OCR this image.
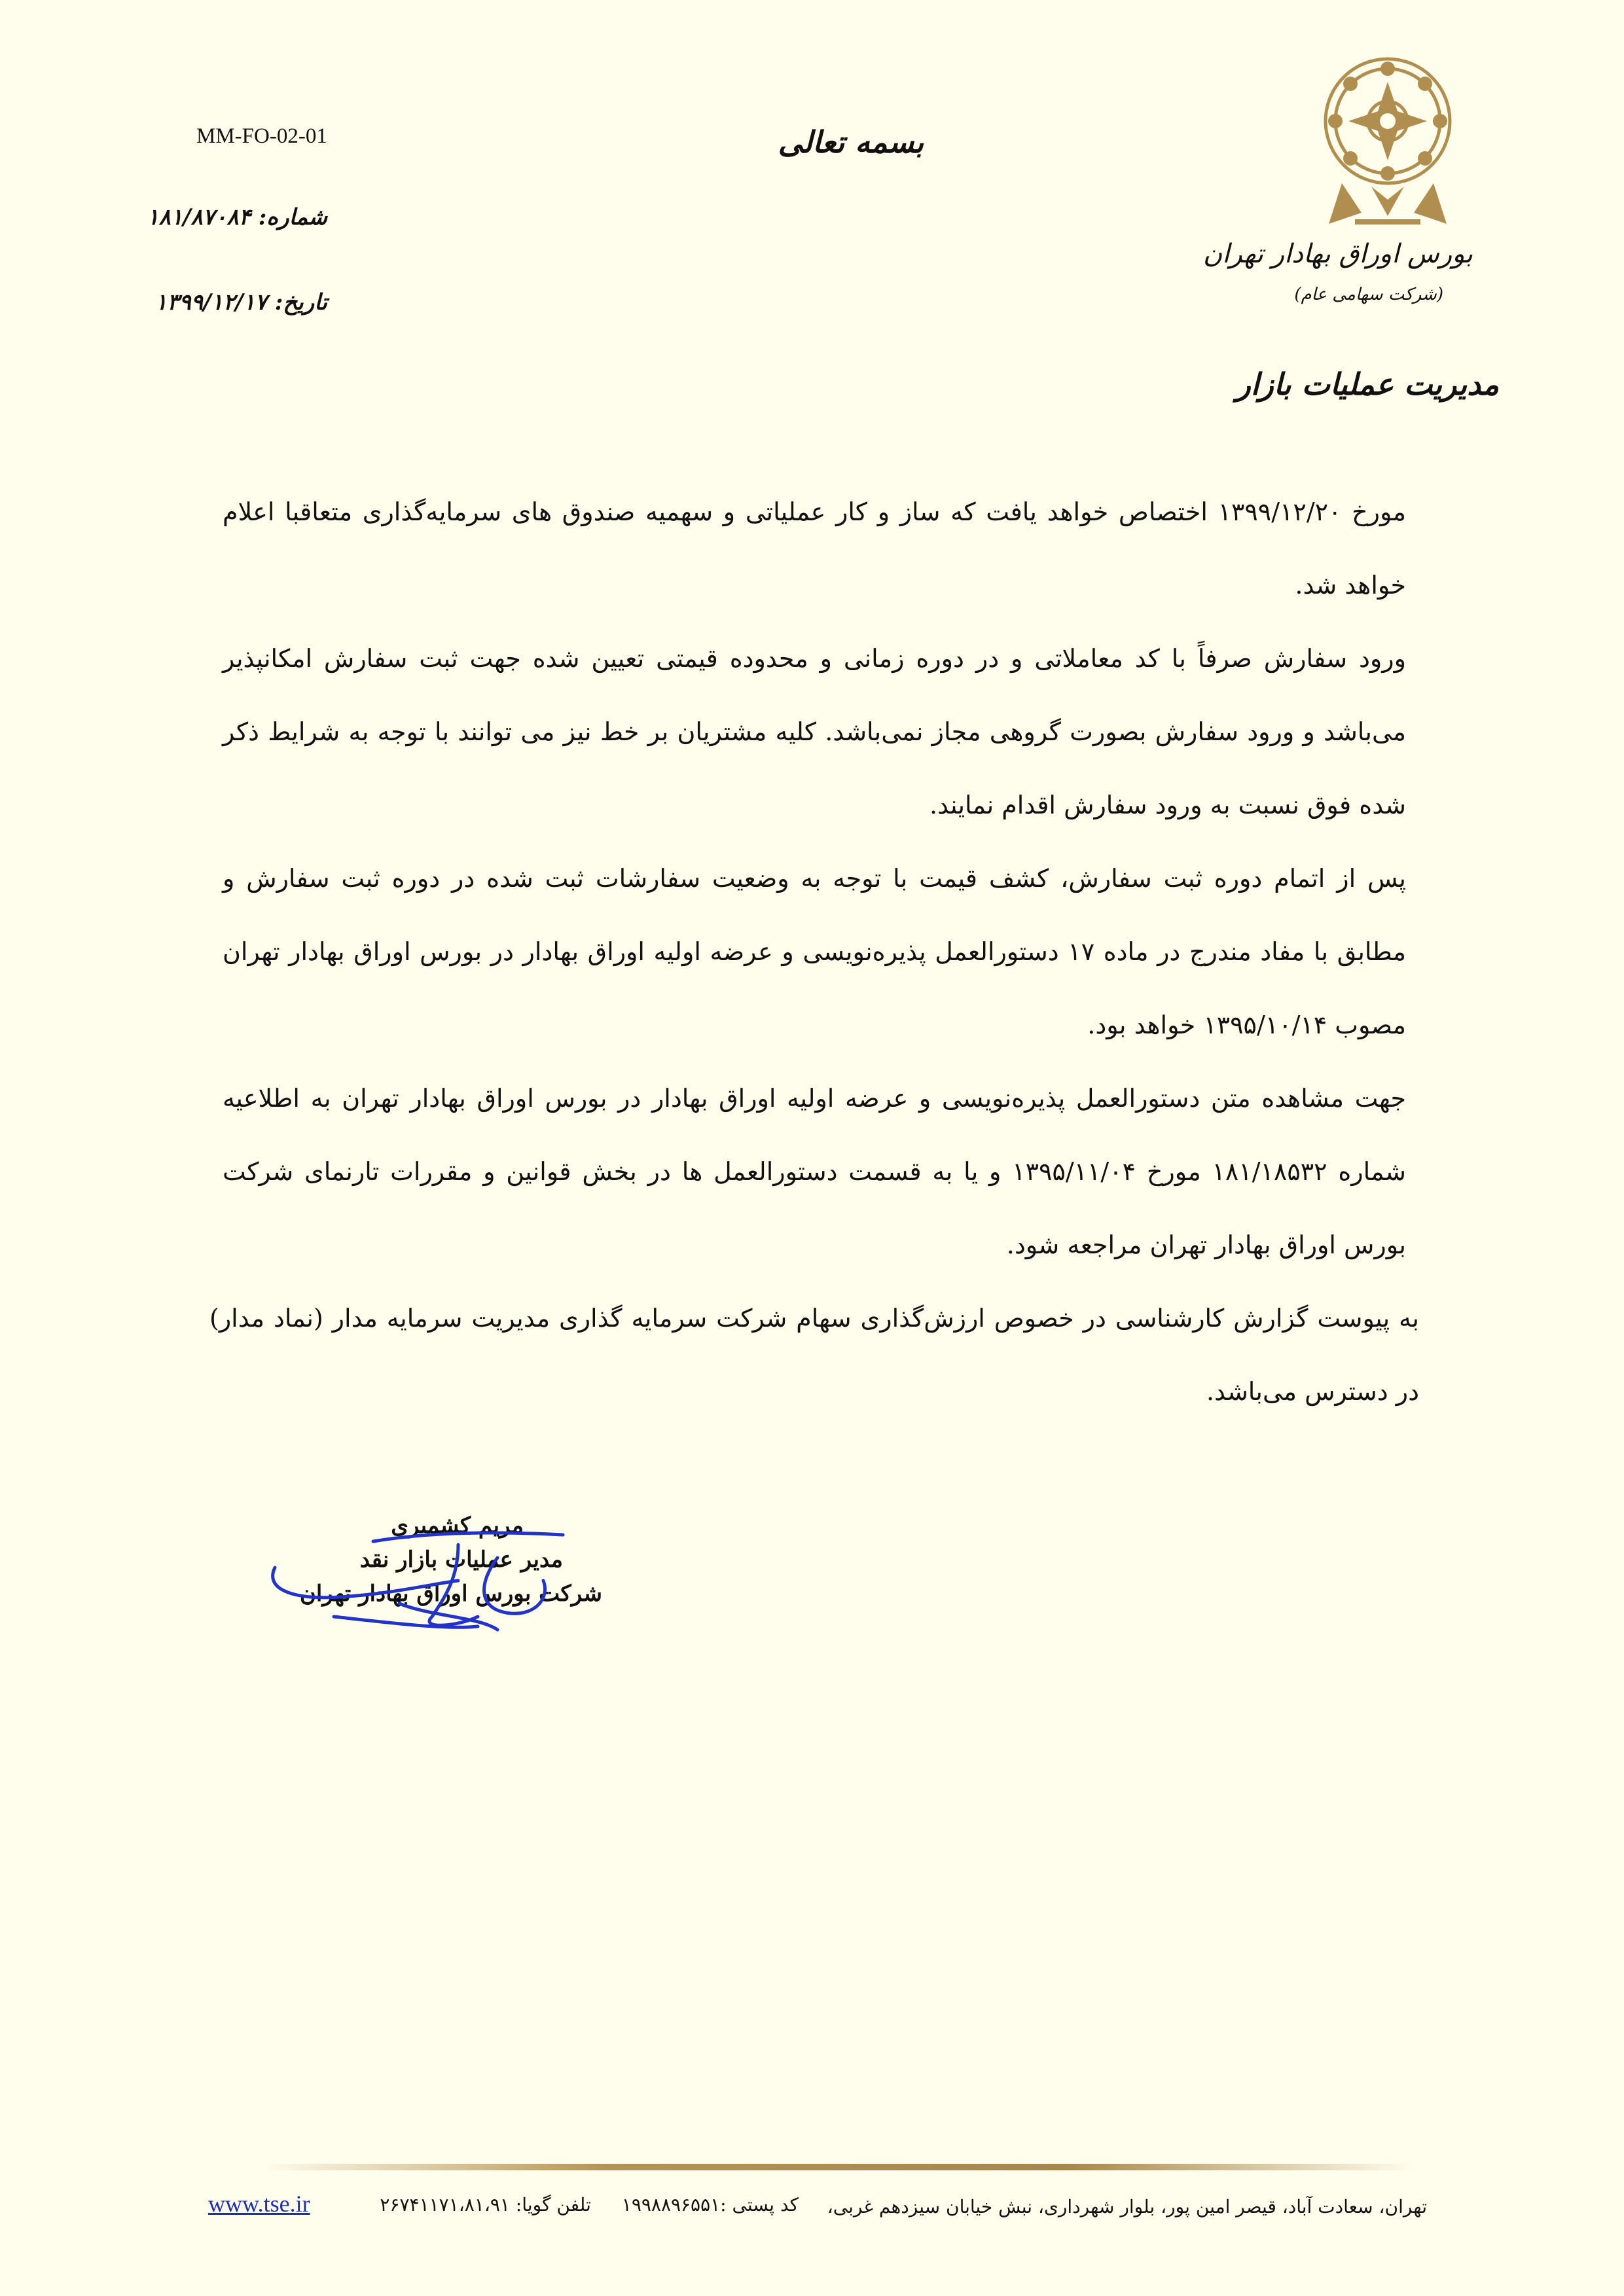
MM-FO-02-01	بسمه تعالی
شماره: ۱۸۱/۸۷۰۸۴
تاریخ: ۱۳۹۹/۱۲/۱۷
بورس اوراق بهادار تهران
(شرکت سهامی عام)
مدیریت عملیات بازار

مورخ ۱۳۹۹/۱۲/۲۰ اختصاص خواهد یافت که ساز و کار عملیاتی و سهمیه صندوق های سرمایه‌گذاری متعاقبا اعلام خواهد شد.

ورود سفارش صرفاً با کد معاملاتی و در دوره زمانی و محدوده قیمتی تعیین شده جهت ثبت سفارش امکانپذیر می‌باشد و ورود سفارش بصورت گروهی مجاز نمی‌باشد. کلیه مشتریان بر خط نیز می توانند با توجه به شرایط ذکر شده فوق نسبت به ورود سفارش اقدام نمایند.

پس از اتمام دوره ثبت سفارش، کشف قیمت با توجه به وضعیت سفارشات ثبت شده در دوره ثبت سفارش و مطابق با مفاد مندرج در ماده ۱۷ دستورالعمل پذیره‌نویسی و عرضه اولیه اوراق بهادار در بورس اوراق بهادار تهران مصوب ۱۳۹۵/۱۰/۱۴ خواهد بود.

جهت مشاهده متن دستورالعمل پذیره‌نویسی و عرضه اولیه اوراق بهادار در بورس اوراق بهادار تهران به اطلاعیه شماره ۱۸۱/۱۸۵۳۲ مورخ ۱۳۹۵/۱۱/۰۴ و یا به قسمت دستورالعمل ها در بخش قوانین و مقررات تارنمای شرکت بورس اوراق بهادار تهران مراجعه شود.

به پیوست گزارش کارشناسی در خصوص ارزش‌گذاری سهام شرکت سرمایه گذاری مدیریت سرمایه مدار (نماد مدار) در دسترس می‌باشد.

مریم کشمیری
مدیر عملیات بازار نقد
شرکت بورس اوراق بهادار تهران
تهران، سعادت آباد، قیصر امین پور، بلوار شهرداری، نبش خیابان سیزدهم غربی،
کد پستی :۱۹۹۸۸۹۶۵۵۱ تلفن گویا: ۲۶۷۴۱۱۷۱،۸۱،۹۱
www.tse.ir
